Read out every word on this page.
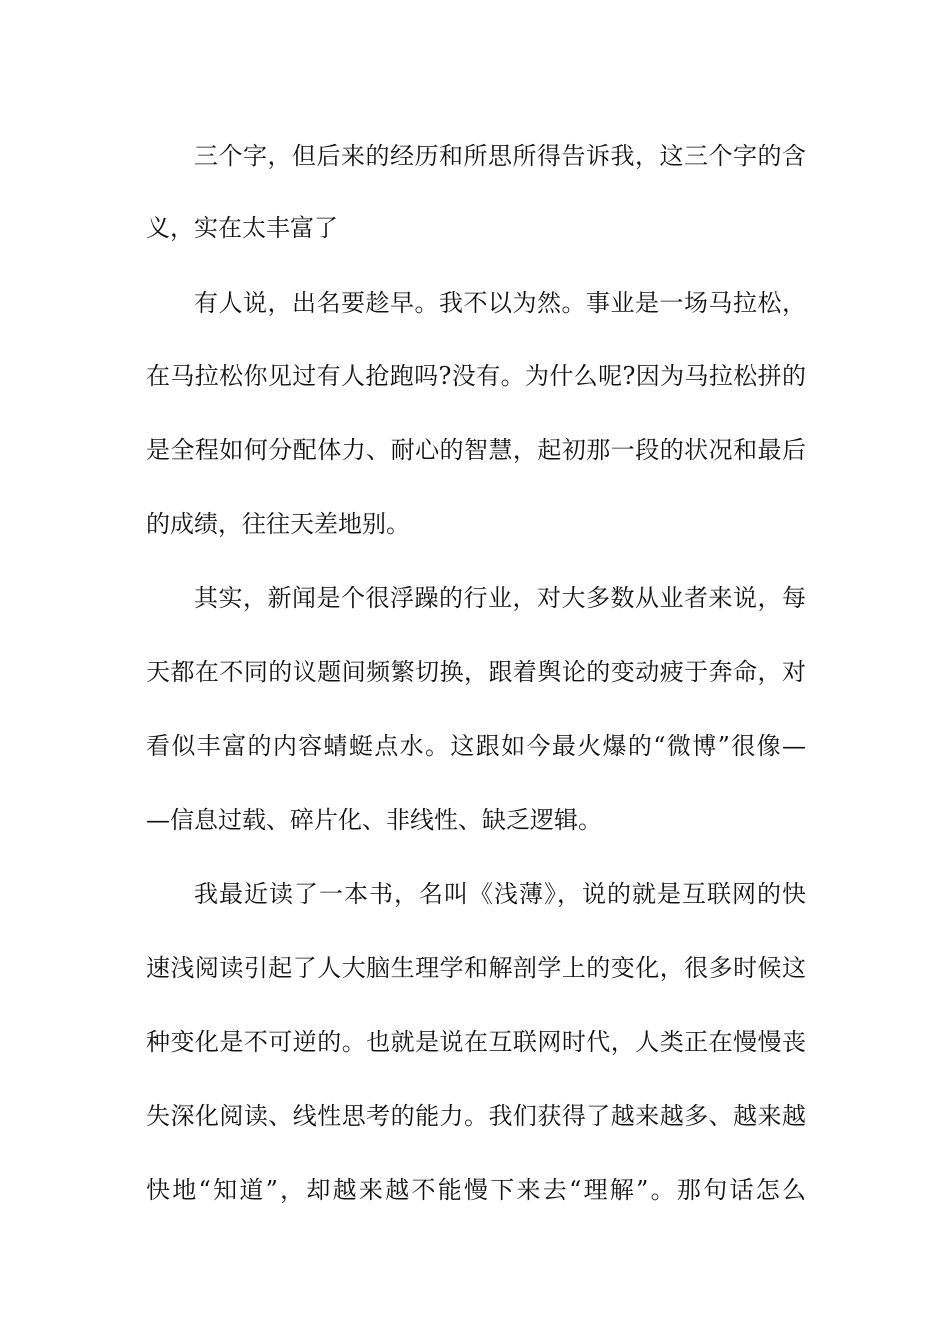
三个字，但后来的经历和所思所得告诉我，这三个字的含
义，实在太丰富了
有人说，出名要趁早。我不以为然。事业是一场马拉松，
在马拉松你见过有人抢跑吗?没有。为什么呢?因为马拉松拼的
是全程如何分配体力、耐心的智慧，起初那一段的状况和最后
的成绩，往往天差地别。
其实，新闻是个很浮躁的行业，对大多数从业者来说，每
天都在不同的议题间频繁切换，跟着舆论的变动疲于奔命，对
看似丰富的内容蜻蜓点水。这跟如今最火爆的“微博”很像—
—信息过载、碎片化、非线性、缺乏逻辑。
我最近读了一本书，名叫《浅薄》，说的就是互联网的快
速浅阅读引起了人大脑生理学和解剖学上的变化，很多时候这
种变化是不可逆的。也就是说在互联网时代，人类正在慢慢丧
失深化阅读、线性思考的能力。我们获得了越来越多、越来越
快地“知道”，却越来越不能慢下来去“理解”。那句话怎么
